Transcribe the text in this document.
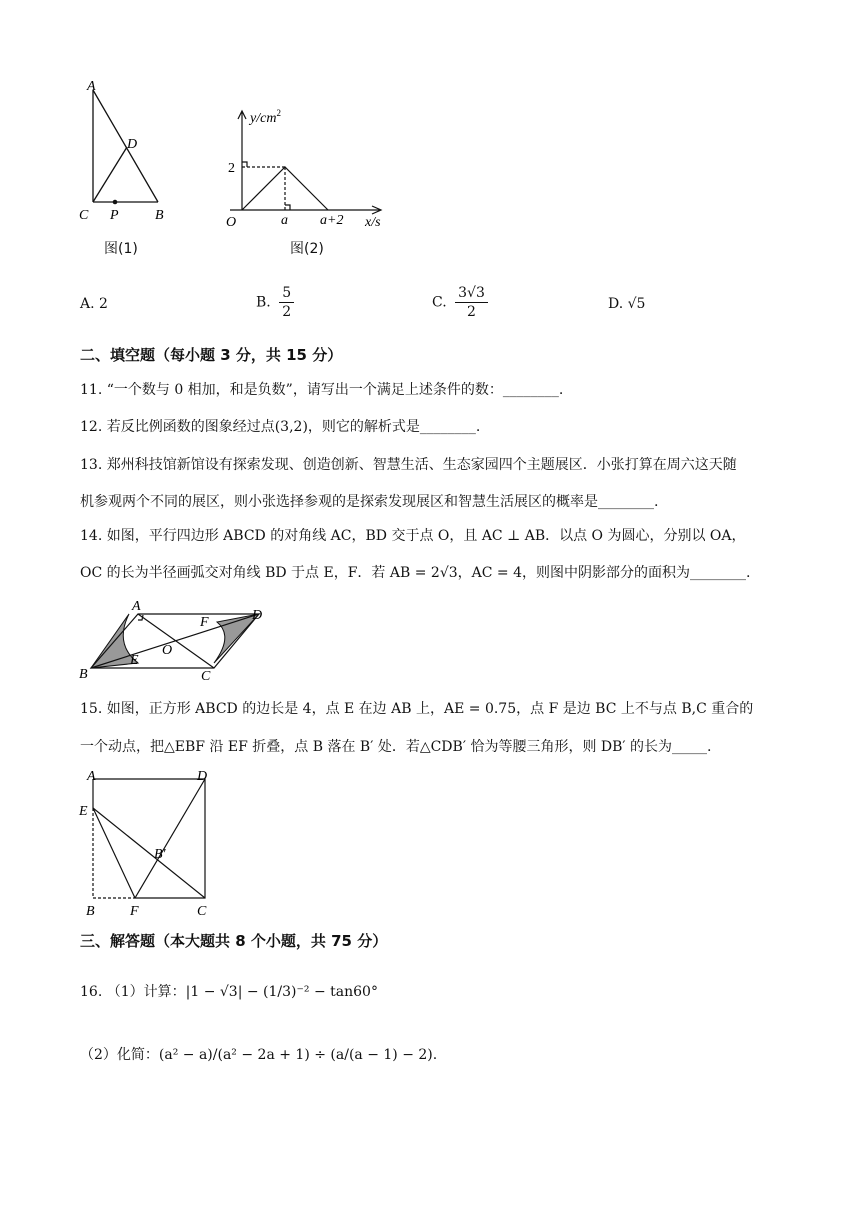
A
D
C P	B
图(1)
$y/cm^2$
2
O	a a+2 x/s
图(2)
A. 2	B. $\frac{5}{2}$	C. $\frac{3√3}{2}$	D. √5
二、填空题（每小题 3 分，共 15 分）
11. “一个数与 0 相加，和是负数”，请写出一个满足上述条件的数：________.
12. 若反比例函数的图象经过点(3,2)，则它的解析式是________.
13. 郑州科技馆新馆设有探索发现、创造创新、智慧生活、生态家园四个主题展区．小张打算在周六这天随
机参观两个不同的展区，则小张选择参观的是探索发现展区和智慧生活展区的概率是________.
14. 如图，平行四边形 ABCD 的对角线 AC，BD 交于点 O，且 AC ⊥ AB．以点 O 为圆心，分别以 OA，
OC 的长为半径画弧交对角线 BD 于点 E，F．若 AB = 2√3，AC = 4，则图中阴影部分的面积为________.
A
D
F
O
E
B	C
15. 如图，正方形 ABCD 的边长是 4，点 E 在边 AB 上，AE = 0.75，点 F 是边 BC 上不与点 B,C 重合的
一个动点，把△EBF 沿 EF 折叠，点 B 落在 B′ 处．若△CDB′ 恰为等腰三角形，则 DB′ 的长为_____.
A	D
E
B′
B	F	C
三、解答题（本大题共 8 个小题，共 75 分）
16. （1）计算：|1 − √3| − (1/3)⁻² − tan60°
（2）化简：(a² − a)/(a² − 2a + 1) ÷ (a/(a − 1) − 2).
